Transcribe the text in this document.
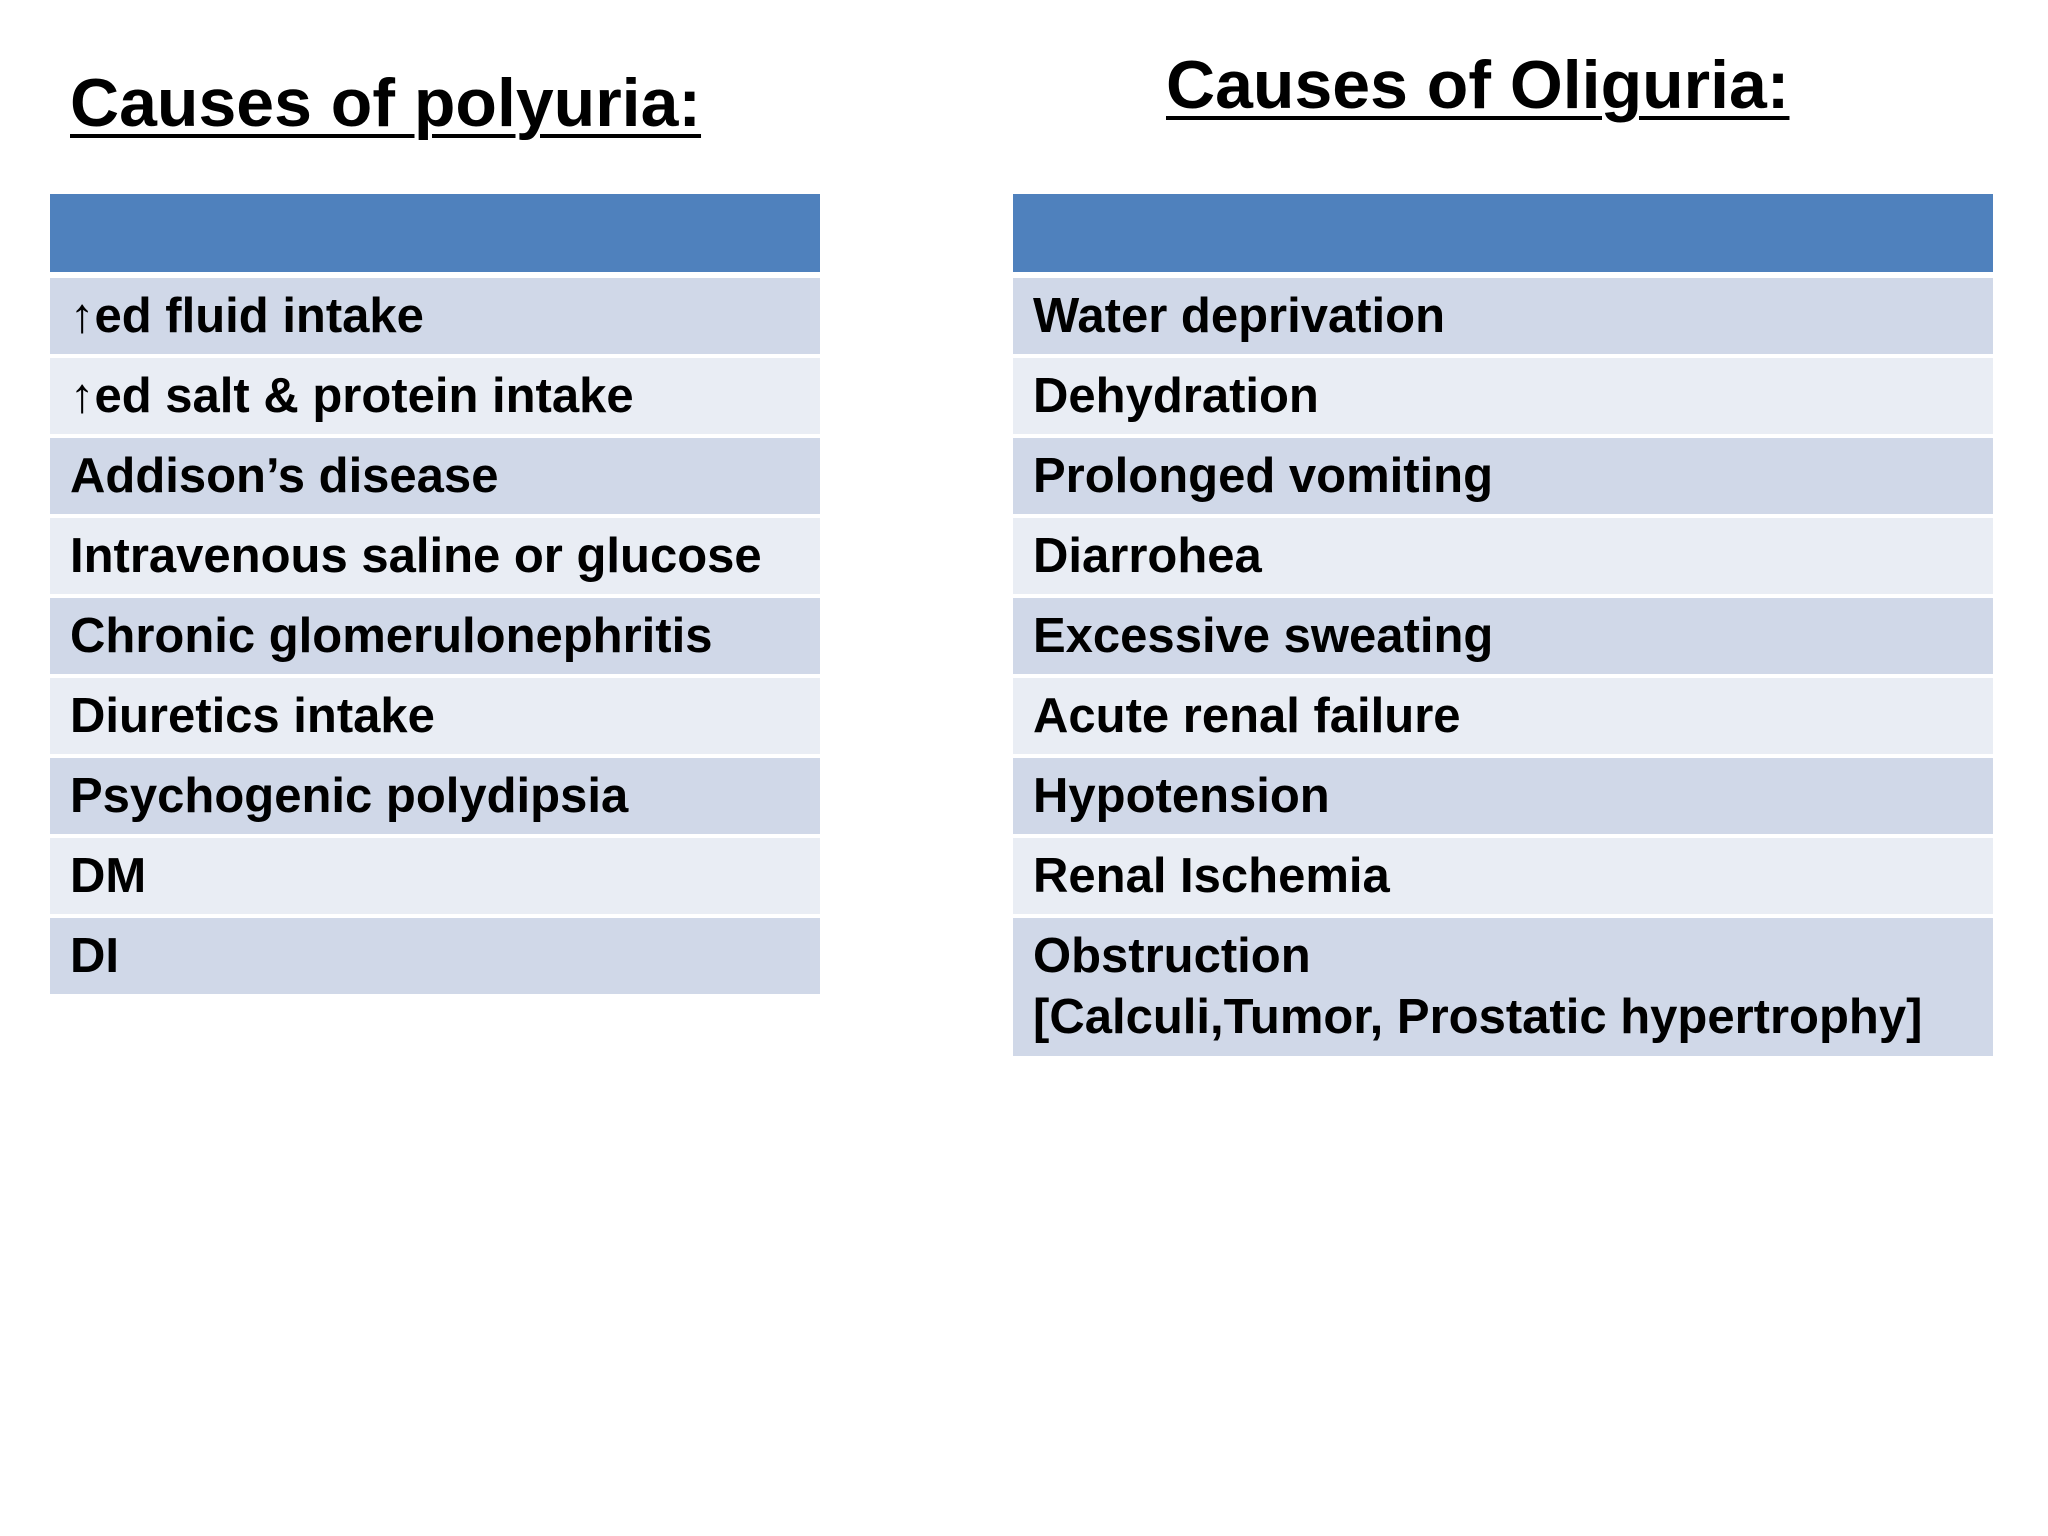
Causes of polyuria:	Causes of Oliguria:

↑ed fluid intake
↑ed salt & protein intake
Addison’s disease
Intravenous saline or glucose
Chronic glomerulonephritis
Diuretics intake
Psychogenic polydipsia
DM
DI

Water deprivation
Dehydration
Prolonged vomiting
Diarrohea
Excessive sweating
Acute renal failure
Hypotension
Renal Ischemia

Obstruction
[Calculi,Tumor, Prostatic hypertrophy]
